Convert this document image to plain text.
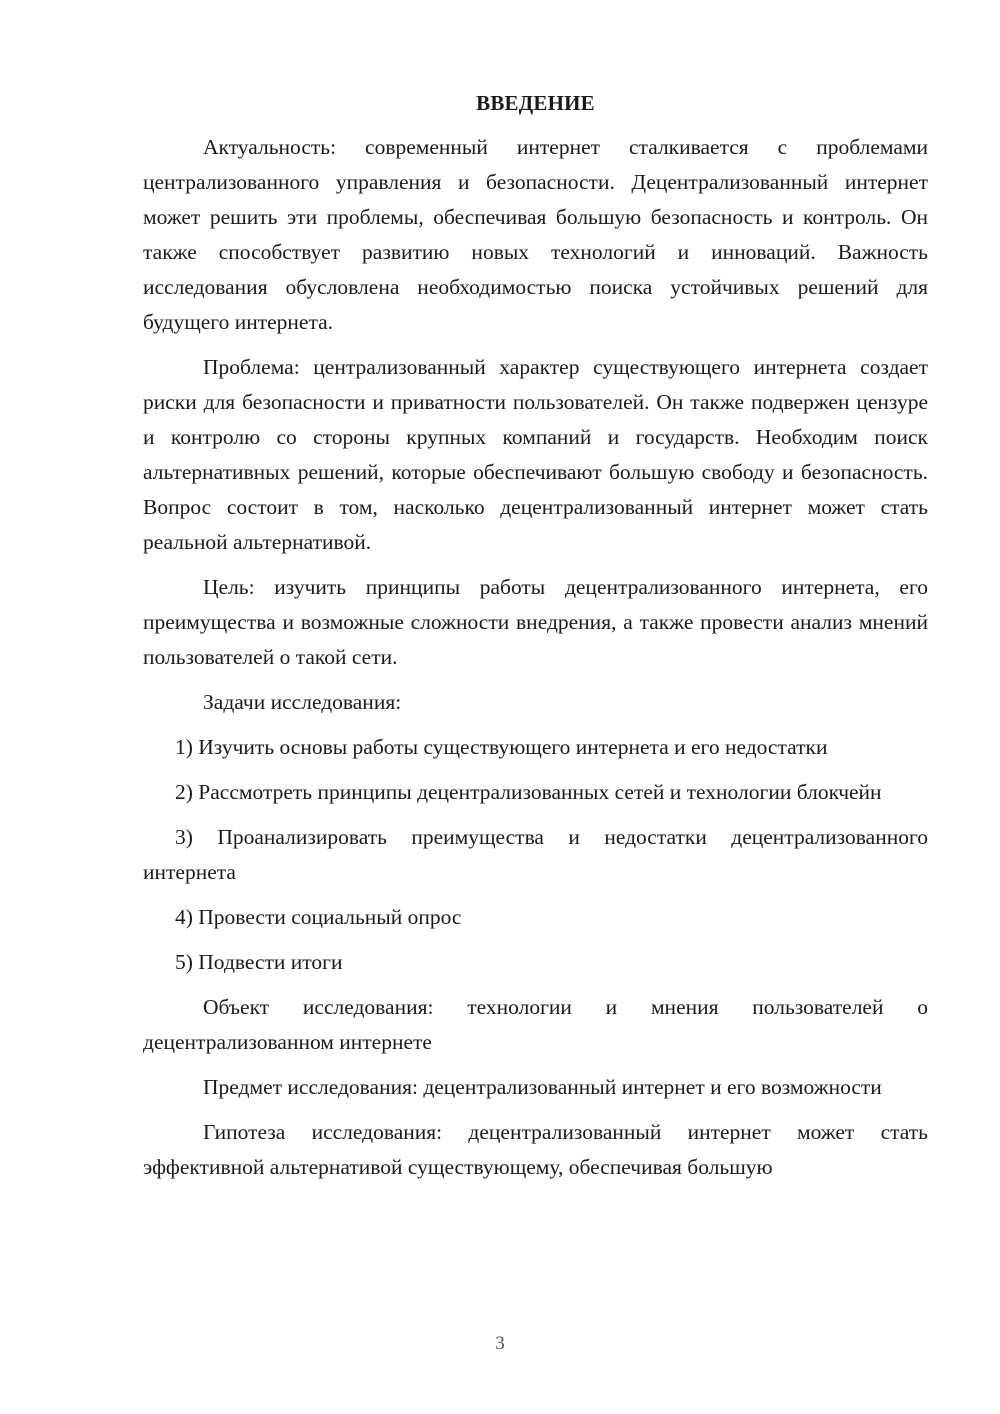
ВВЕДЕНИЕ

Актуальность: современный интернет сталкивается с проблемами централизованного управления и безопасности. Децентрализованный интернет может решить эти проблемы, обеспечивая большую безопасность и контроль. Он также способствует развитию новых технологий и инноваций. Важность исследования обусловлена необходимостью поиска устойчивых решений для будущего интернета.

Проблема: централизованный характер существующего интернета создает риски для безопасности и приватности пользователей. Он также подвержен цензуре и контролю со стороны крупных компаний и государств. Необходим поиск альтернативных решений, которые обеспечивают большую свободу и безопасность. Вопрос состоит в том, насколько децентрализованный интернет может стать реальной альтернативой.

Цель: изучить принципы работы децентрализованного интернета, его преимущества и возможные сложности внедрения, а также провести анализ мнений пользователей о такой сети.

Задачи исследования:

1) Изучить основы работы существующего интернета и его недостатки

2) Рассмотреть принципы децентрализованных сетей и технологии блокчейн

3) Проанализировать преимущества и недостатки децентрализованного интернета

4) Провести социальный опрос

5) Подвести итоги

Объект исследования: технологии и мнения пользователей о децентрализованном интернете

Предмет исследования: децентрализованный интернет и его возможности

Гипотеза исследования: децентрализованный интернет может стать эффективной альтернативой существующему, обеспечивая большую

3
